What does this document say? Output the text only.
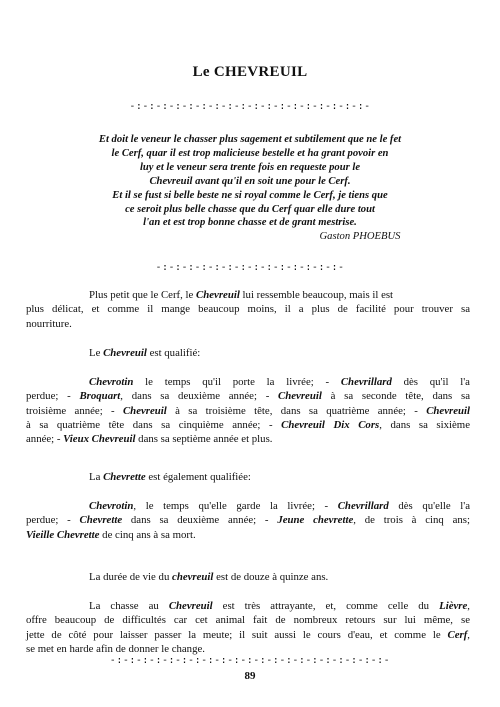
Le CHEVREUIL
-:-:-:-:-:-:-:-:-:-:-:-:-:-:-:-:-:-:-
Et doit le veneur le chasser plus sagement et subtilement que ne le fet
le Cerf, quar il est trop malicieuse bestelle et ha grant povoir en
luy et le veneur sera trente fois en requeste pour le
Chevreuil avant qu'il en soit une pour le Cerf.
Et il se fust si belle beste ne si royal comme le Cerf, je tiens que
ce seroit plus belle chasse que du Cerf quar elle dure tout
l'an et est trop bonne chasse et de grant mestrise.
Gaston PHOEBUS
-:-:-:-:-:-:-:-:-:-:-:-:-:-:-
Plus petit que le Cerf, le Chevreuil lui ressemble beaucoup, mais il est
plus délicat, et comme il mange beaucoup moins, il a plus de facilité pour trouver sa
nourriture.
Le Chevreuil est qualifié:
Chevrotin le temps qu'il porte la livrée; - Chevrillard dès qu'il l'a
perdue; - Broquart, dans sa deuxième année; - Chevreuil à sa seconde tête, dans sa
troisième année; - Chevreuil à sa troisième tête, dans sa quatrième année; - Chevreuil
à sa quatrième tête dans sa cinquième année; - Chevreuil Dix Cors, dans sa sixième
année; - Vieux Chevreuil dans sa septième année et plus.
La Chevrette est également qualifiée:
Chevrotin, le temps qu'elle garde la livrée; - Chevrillard dès qu'elle l'a
perdue; - Chevrette dans sa deuxième année; - Jeune chevrette, de trois à cinq ans;
Vieille Chevrette de cinq ans à sa mort.
La durée de vie du chevreuil est de douze à quinze ans.
La chasse au Chevreuil est très attrayante, et, comme celle du Lièvre,
offre beaucoup de difficultés car cet animal fait de nombreux retours sur lui même, se
jette de côté pour laisser passer la meute; il suit aussi le cours d'eau, et comme le Cerf,
se met en harde afin de donner le change.
-:-:-:-:-:-:-:-:-:-:-:-:-:-:-:-:-:-:-:-:-:-
89
